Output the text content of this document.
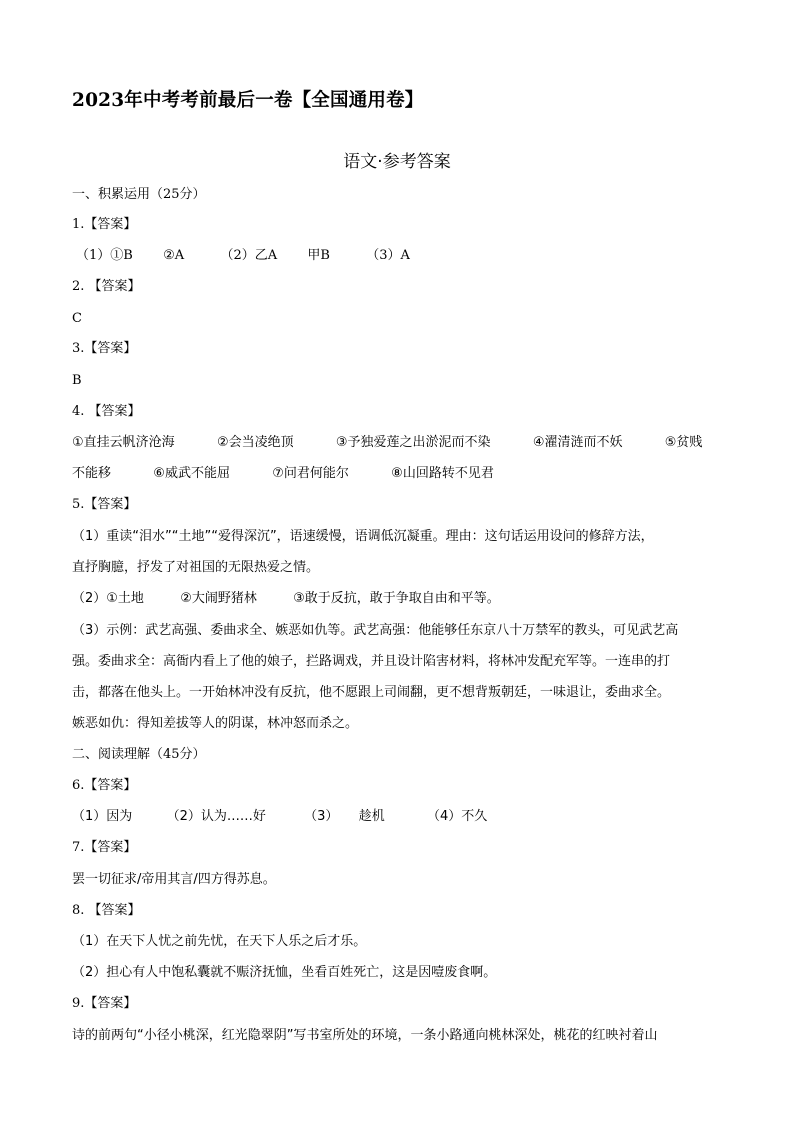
2023年中考考前最后一卷【全国通用卷】
语文·参考答案
一、积累运用（25分）
1.【答案】
（1）①B ②A	（2）乙A 甲B	（3）A
2. 【答案】
C
3.【答案】
B
4. 【答案】
①直挂云帆济沧海	②会当凌绝顶	③予独爱莲之出淤泥而不染	④濯清涟而不妖	⑤贫贱
不能移	⑥威武不能屈	⑦问君何能尔	⑧山回路转不见君
5.【答案】
（1）重读“泪水”“土地”“爱得深沉”，语速缓慢，语调低沉凝重。理由：这句话运用设问的修辞方法，
直抒胸臆，抒发了对祖国的无限热爱之情。
（2）①土地	②大闹野猪林	③敢于反抗，敢于争取自由和平等。
（3）示例：武艺高强、委曲求全、嫉恶如仇等。武艺高强：他能够任东京八十万禁军的教头，可见武艺高
强。委曲求全：高衙内看上了他的娘子，拦路调戏，并且设计陷害材料，将林冲发配充军等。一连串的打
击，都落在他头上。一开始林冲没有反抗，他不愿跟上司闹翻，更不想背叛朝廷，一味退让，委曲求全。
嫉恶如仇：得知差拔等人的阴谋，林冲怒而杀之。
二、阅读理解（45分）
6.【答案】
（1）因为	（2）认为……好	（3） 趁机	（4）不久
7.【答案】
罢一切征求/帝用其言/四方得苏息。
8. 【答案】
（1）在天下人忧之前先忧，在天下人乐之后才乐。
（2）担心有人中饱私囊就不赈济抚恤，坐看百姓死亡，这是因噎废食啊。
9.【答案】
诗的前两句“小径小桃深，红光隐翠阴”写书室所处的环境，一条小路通向桃林深处，桃花的红映衬着山
